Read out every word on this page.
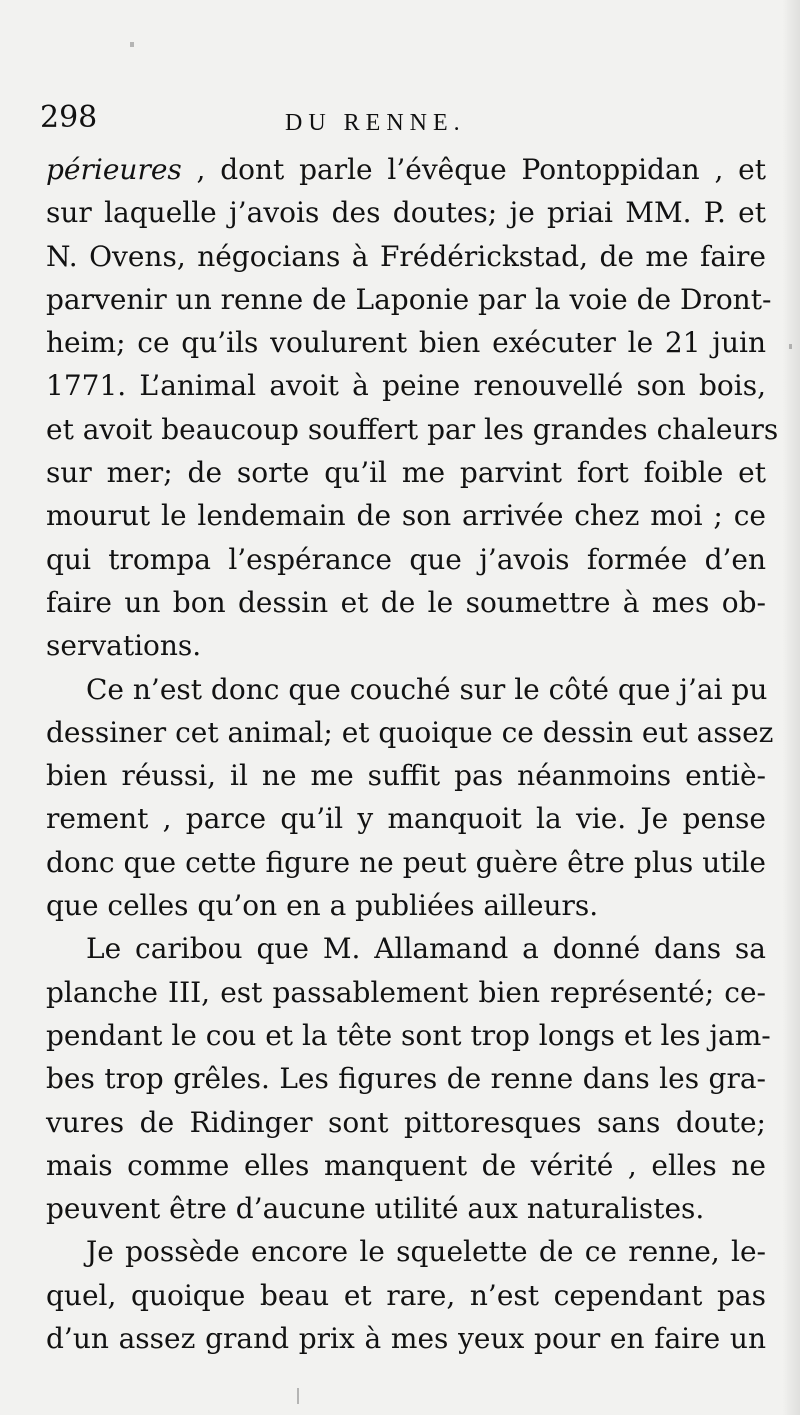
298	DU RENNE.
périeures , dont parle l’évêque Pontoppidan , et
sur laquelle j’avois des doutes; je priai MM. P. et
N. Ovens, négocians à Frédérickstad, de me faire
parvenir un renne de Laponie par la voie de Dront-
heim; ce qu’ils voulurent bien exécuter le 21 juin
1771. L’animal avoit à peine renouvellé son bois,
et avoit beaucoup souffert par les grandes chaleurs
sur mer; de sorte qu’il me parvint fort foible et
mourut le lendemain de son arrivée chez moi ; ce
qui trompa l’espérance que j’avois formée d’en
faire un bon dessin et de le soumettre à mes ob-
servations.
Ce n’est donc que couché sur le côté que j’ai pu
dessiner cet animal; et quoique ce dessin eut assez
bien réussi, il ne me suffit pas néanmoins entiè-
rement , parce qu’il y manquoit la vie. Je pense
donc que cette figure ne peut guère être plus utile
que celles qu’on en a publiées ailleurs.
Le caribou que M. Allamand a donné dans sa
planche III, est passablement bien représenté; ce-
pendant le cou et la tête sont trop longs et les jam-
bes trop grêles. Les figures de renne dans les gra-
vures de Ridinger sont pittoresques sans doute;
mais comme elles manquent de vérité , elles ne
peuvent être d’aucune utilité aux naturalistes.
Je possède encore le squelette de ce renne, le-
quel, quoique beau et rare, n’est cependant pas
d’un assez grand prix à mes yeux pour en faire un
